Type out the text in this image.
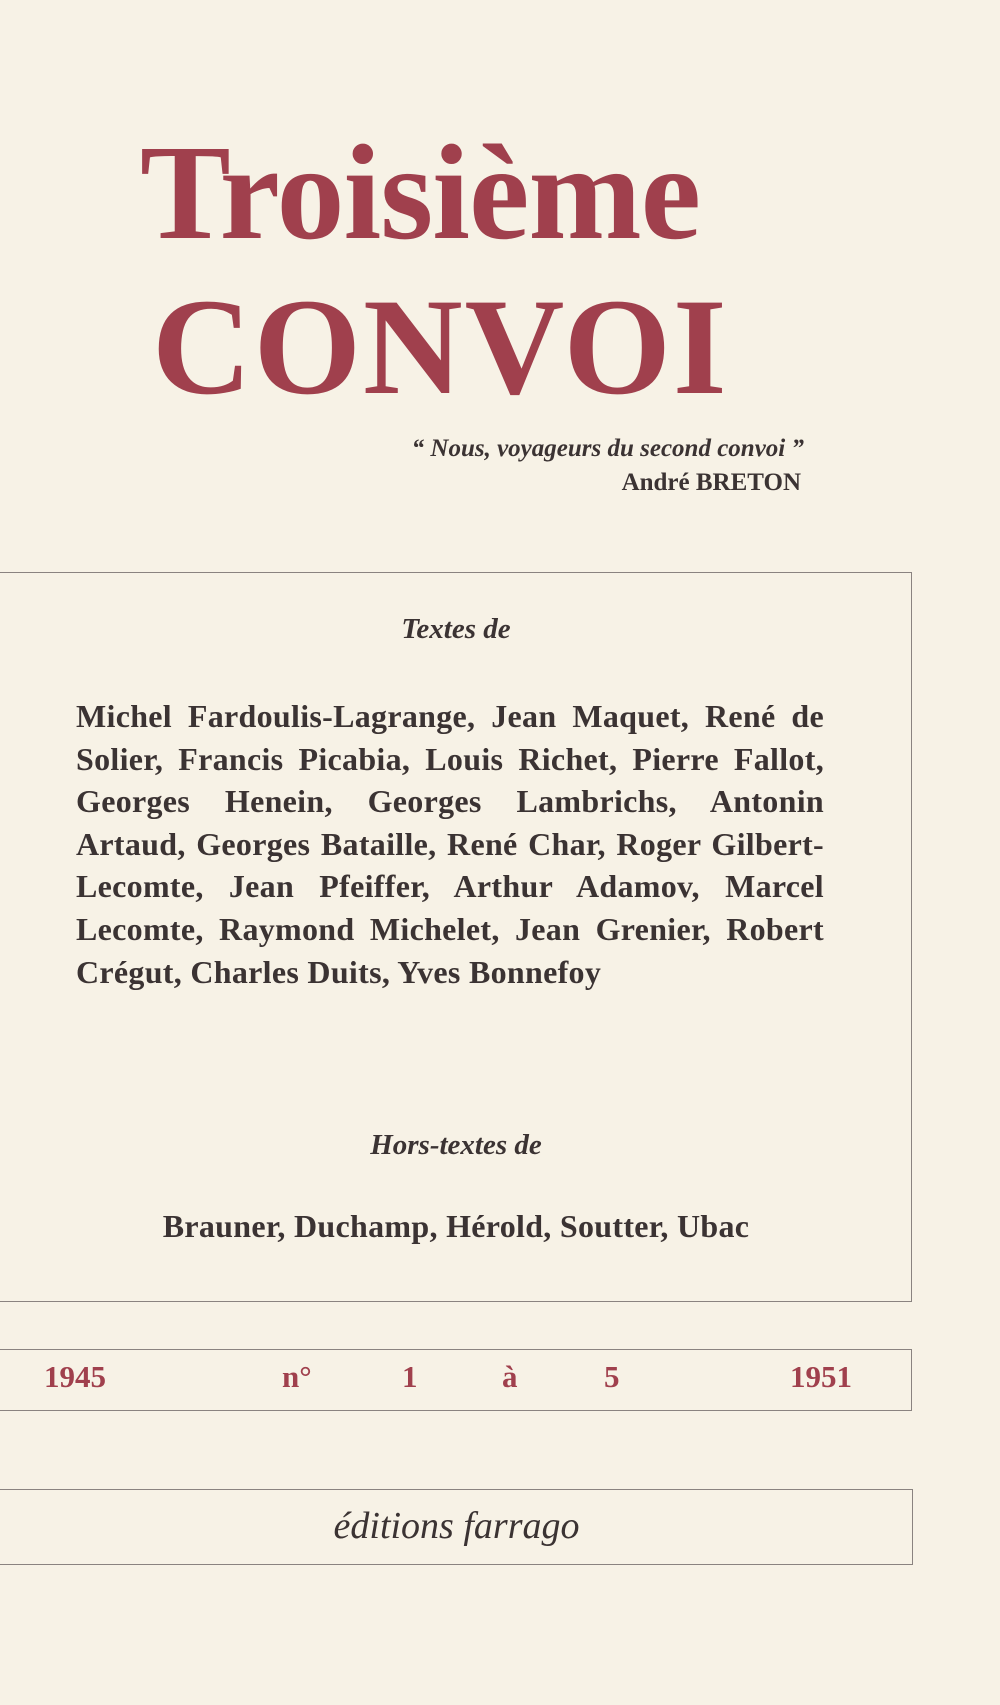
Troisième
CONVOI
“ Nous, voyageurs du second convoi ”
André BRETON
Textes de
Michel Fardoulis-Lagrange, Jean Maquet, René de Solier, Francis Picabia, Louis Richet, Pierre Fallot, Georges Henein, Georges Lambrichs, Antonin Artaud, Georges Bataille, René Char, Roger Gilbert-Lecomte, Jean Pfeiffer, Arthur Adamov, Marcel Lecomte, Raymond Michelet, Jean Grenier, Robert Crégut, Charles Duits, Yves Bonnefoy
Hors-textes de
Brauner, Duchamp, Hérold, Soutter, Ubac
1945	n°	1	à	5	1951
éditions farrago
